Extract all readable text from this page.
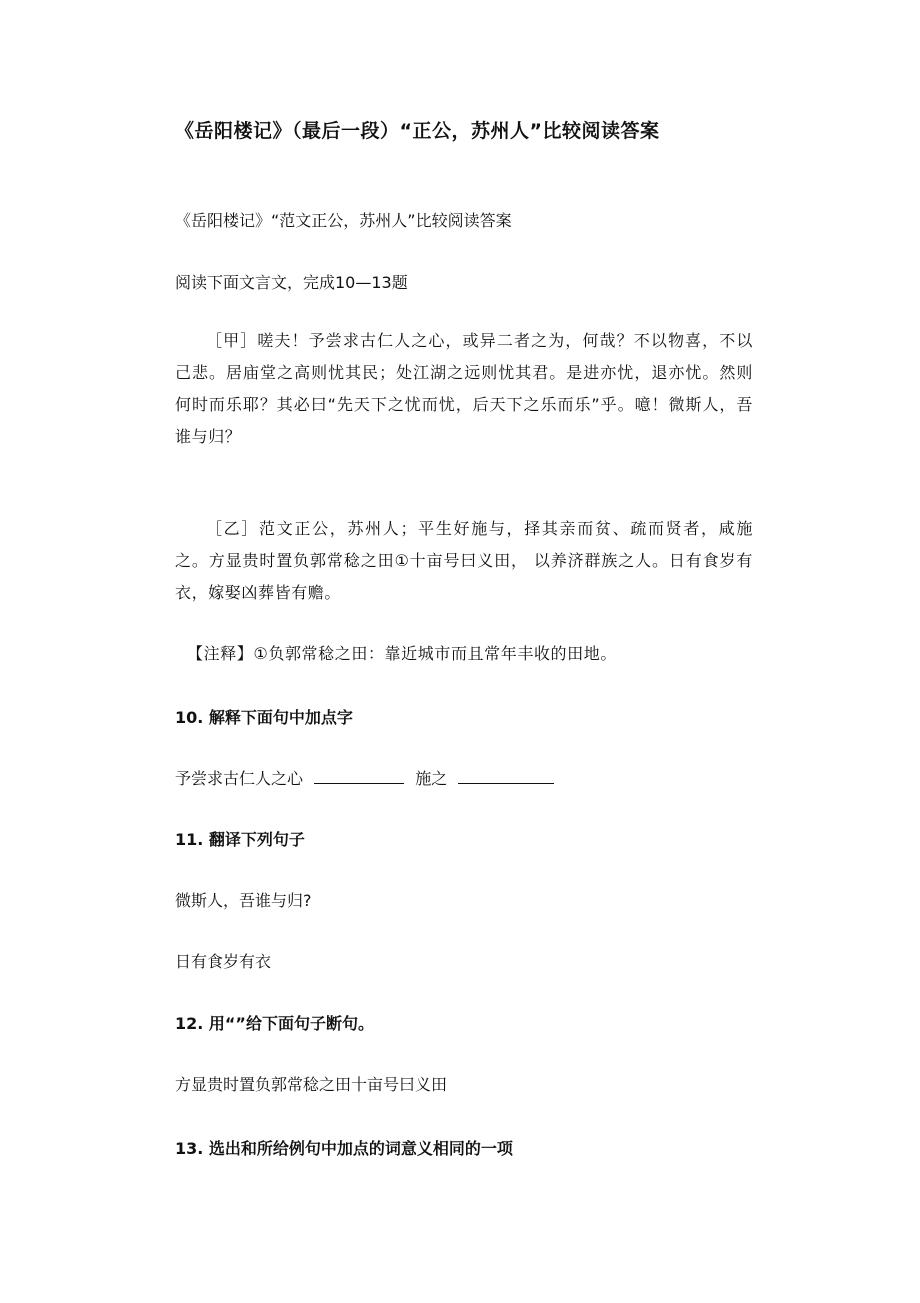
《岳阳楼记》（最后一段）“正公，苏州人”比较阅读答案
《岳阳楼记》“范文正公，苏州人”比较阅读答案
阅读下面文言文，完成10—13题
［甲］嗟夫！予尝求古仁人之心，或异二者之为，何哉？不以物喜，不以己悲。居庙堂之高则忧其民；处江湖之远则忧其君。是进亦忧，退亦忧。然则何时而乐耶？其必曰“先天下之忧而忧，后天下之乐而乐”乎。噫！微斯人，吾谁与归？
［乙］范文正公，苏州人；平生好施与，择其亲而贫、疏而贤者，咸施之。方显贵时置负郭常稔之田①十亩号曰义田， 以养济群族之人。日有食岁有衣，嫁娶凶葬皆有赡。
【注释】①负郭常稔之田：靠近城市而且常年丰收的田地。
10. 解释下面句中加点字
予尝求古仁人之心	施之
11. 翻译下列句子
微斯人，吾谁与归?
日有食岁有衣
12. 用“”给下面句子断句。
方显贵时置负郭常稔之田十亩号曰义田
13. 选出和所给例句中加点的词意义相同的一项
